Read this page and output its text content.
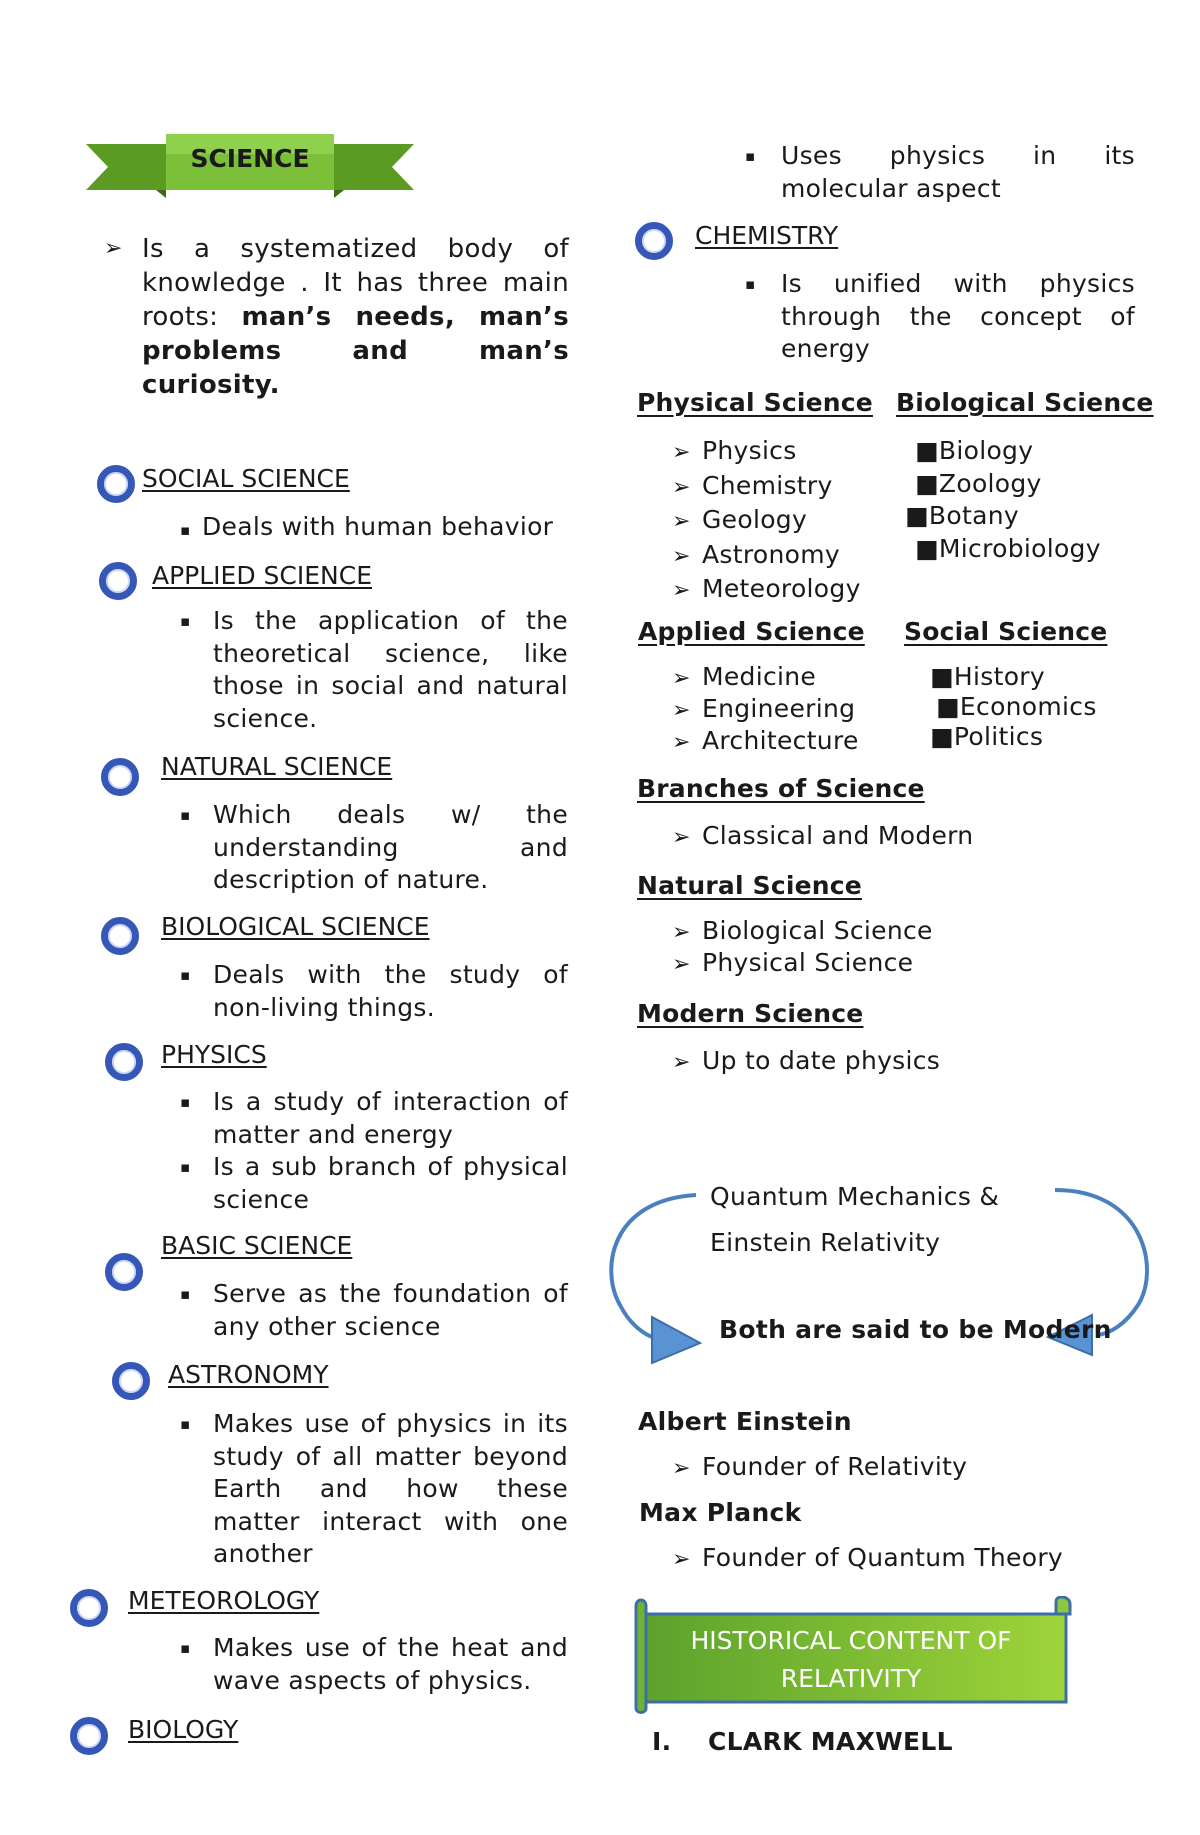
SCIENCE
➢ Is a systematized body of knowledge . It has three main roots: man’s needs, man’s problems and man’s curiosity.
SOCIAL SCIENCE
▪ Deals with human behavior
APPLIED SCIENCE
▪ Is the application of the theoretical science, like those in social and natural science.
NATURAL SCIENCE
▪ Which deals w/ the understanding and description of nature.
BIOLOGICAL SCIENCE
▪ Deals with the study of non-living things.
PHYSICS
▪ Is a study of interaction of matter and energy
▪ Is a sub branch of physical science
BASIC SCIENCE
▪ Serve as the foundation of any other science
ASTRONOMY
▪ Makes use of physics in its study of all matter beyond Earth and how these matter interact with one another
METEOROLOGY
▪ Makes use of the heat and wave aspects of physics.
BIOLOGY
▪	Uses physics in its molecular aspect
CHEMISTRY
▪	Is unified with physics through the concept of energy
Physical Science Biological Science
➢ Physics
➢ Chemistry
➢ Geology
➢ Astronomy
➢ Meteorology
■Biology
■Zoology
■Botany
■Microbiology
Applied Science Social Science
➢ Medicine
➢ Engineering
➢ Architecture
■History
■Economics
■Politics
Branches of Science
➢ Classical and Modern
Natural Science
➢ Biological Science
➢ Physical Science
Modern Science
➢ Up to date physics
Quantum Mechanics &
Einstein Relativity
Both are said to be Modern
Albert Einstein
➢ Founder of Relativity
Max Planck
➢ Founder of Quantum Theory
HISTORICAL CONTENT OF
RELATIVITY
I. CLARK MAXWELL
